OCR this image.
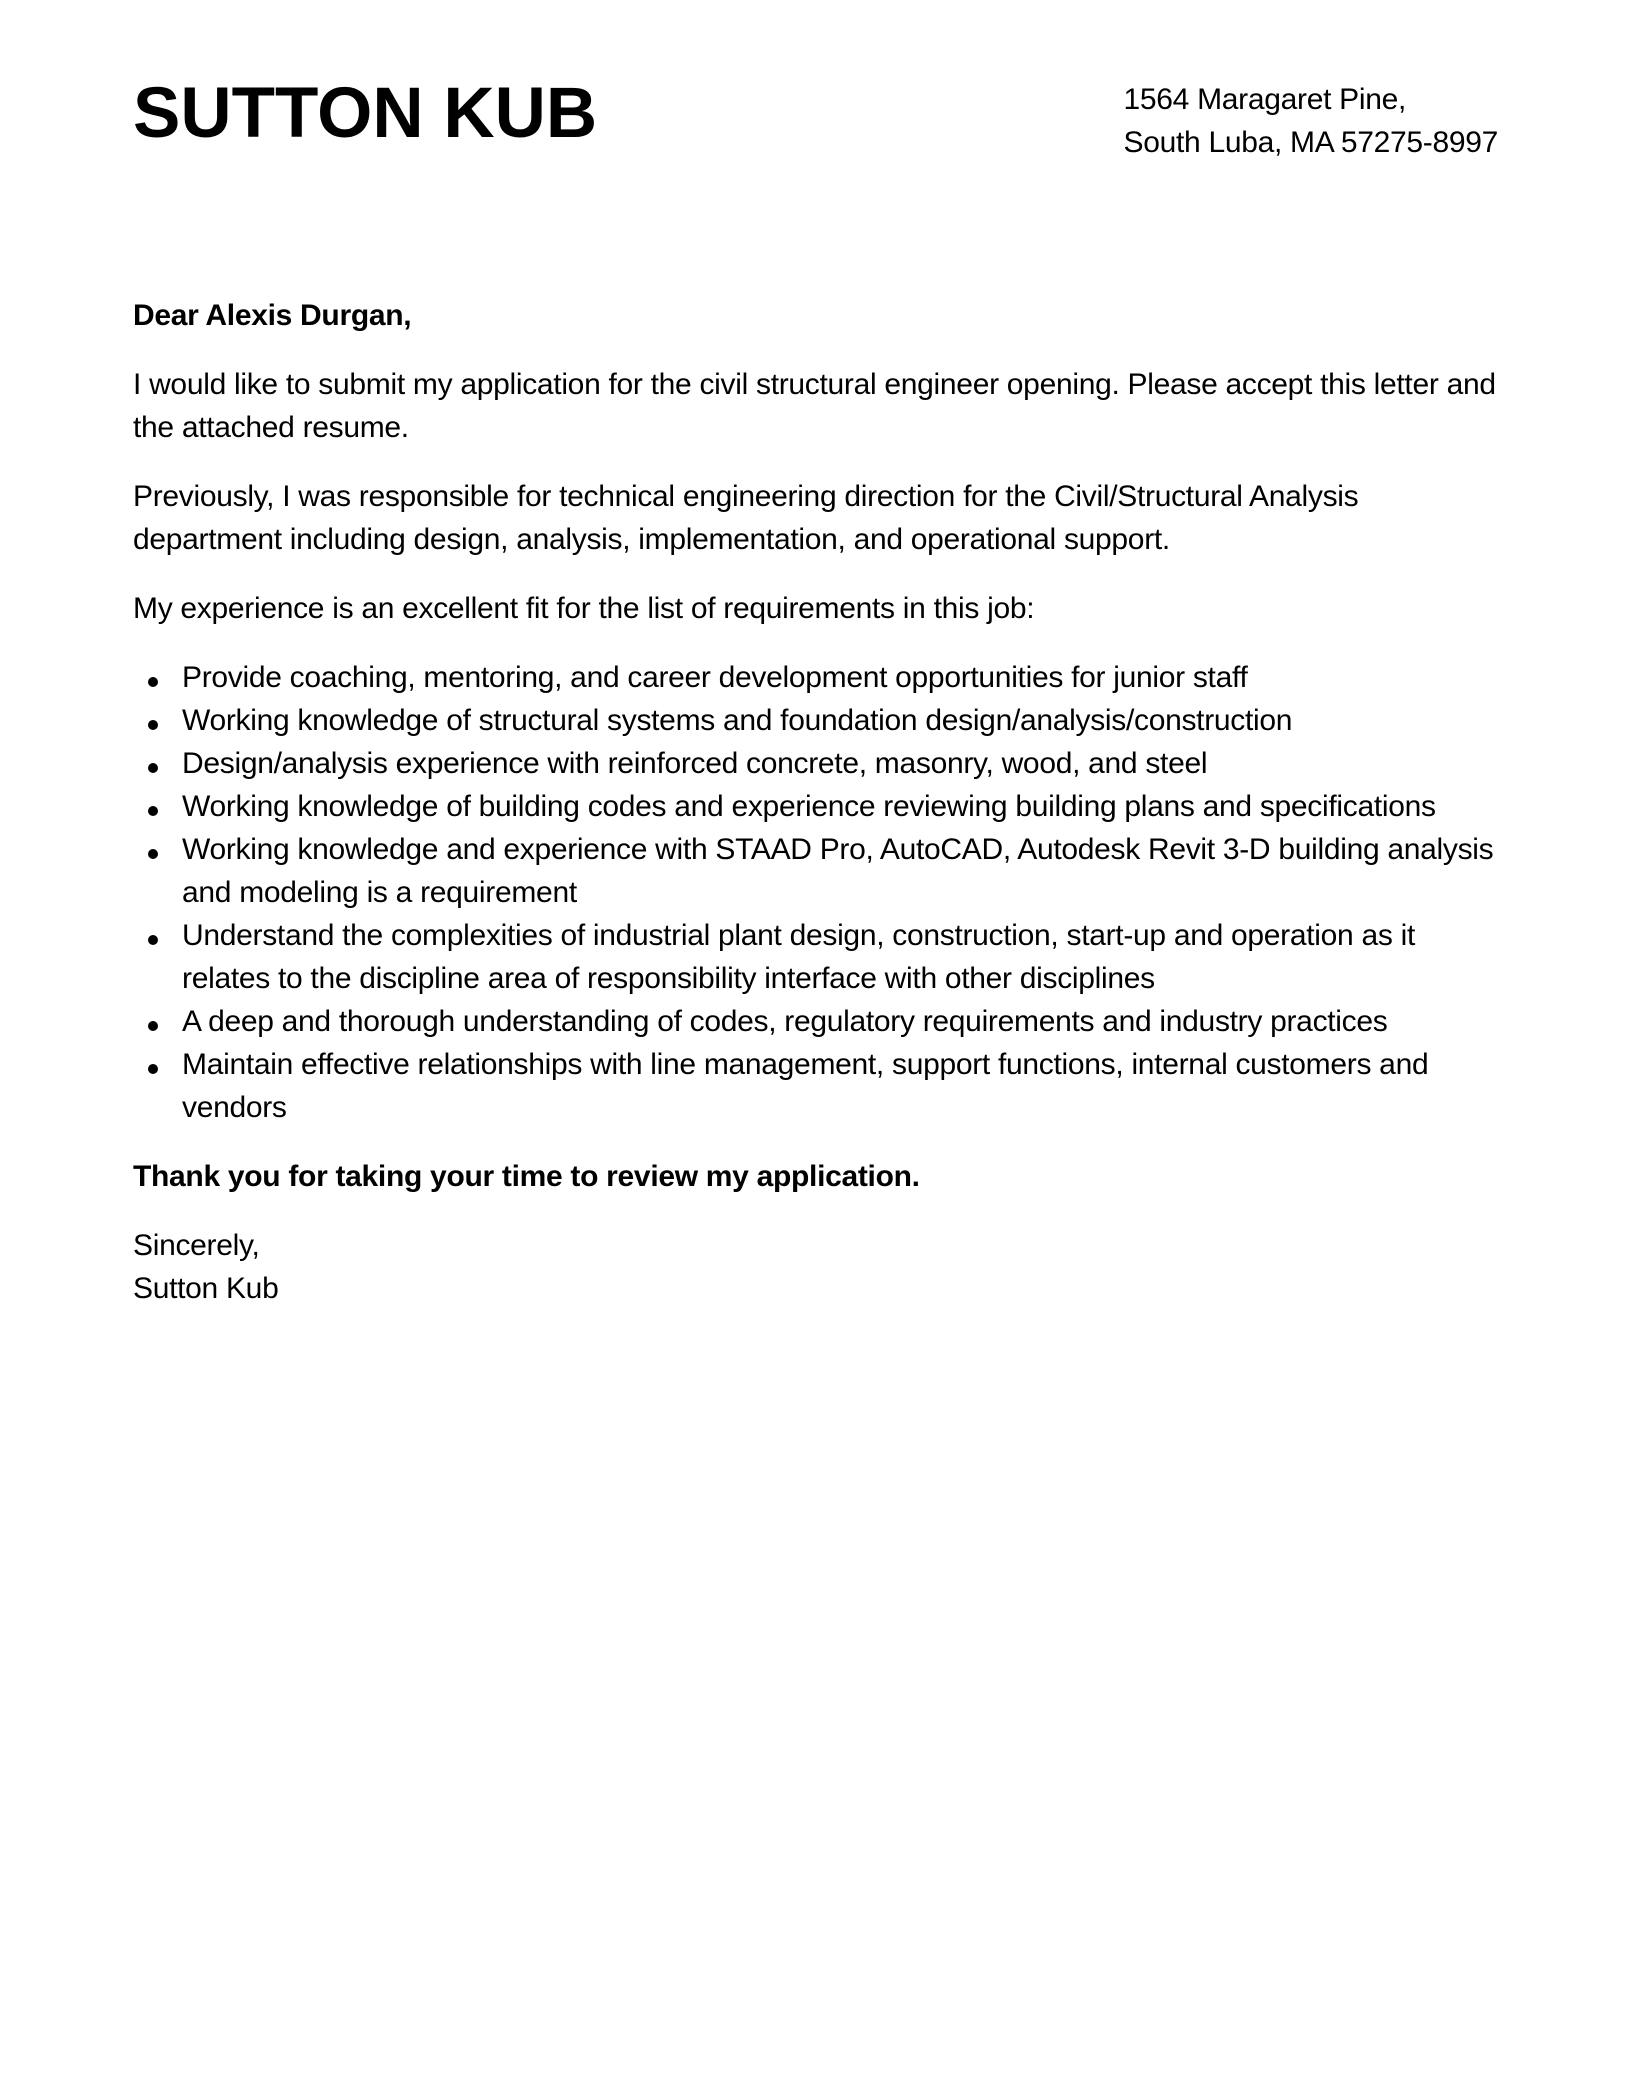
SUTTON KUB	1564 Maragaret Pine,
South Luba, MA 57275-8997

Dear Alexis Durgan,

I would like to submit my application for the civil structural engineer opening. Please accept this letter and the attached resume.

Previously, I was responsible for technical engineering direction for the Civil/Structural Analysis department including design, analysis, implementation, and operational support.

My experience is an excellent fit for the list of requirements in this job:

Provide coaching, mentoring, and career development opportunities for junior staff
Working knowledge of structural systems and foundation design/analysis/construction
Design/analysis experience with reinforced concrete, masonry, wood, and steel
Working knowledge of building codes and experience reviewing building plans and specifications
Working knowledge and experience with STAAD Pro, AutoCAD, Autodesk Revit 3-D building analysis and modeling is a requirement
Understand the complexities of industrial plant design, construction, start-up and operation as it relates to the discipline area of responsibility interface with other disciplines
A deep and thorough understanding of codes, regulatory requirements and industry practices
Maintain effective relationships with line management, support functions, internal customers and vendors

Thank you for taking your time to review my application.

Sincerely,
Sutton Kub
